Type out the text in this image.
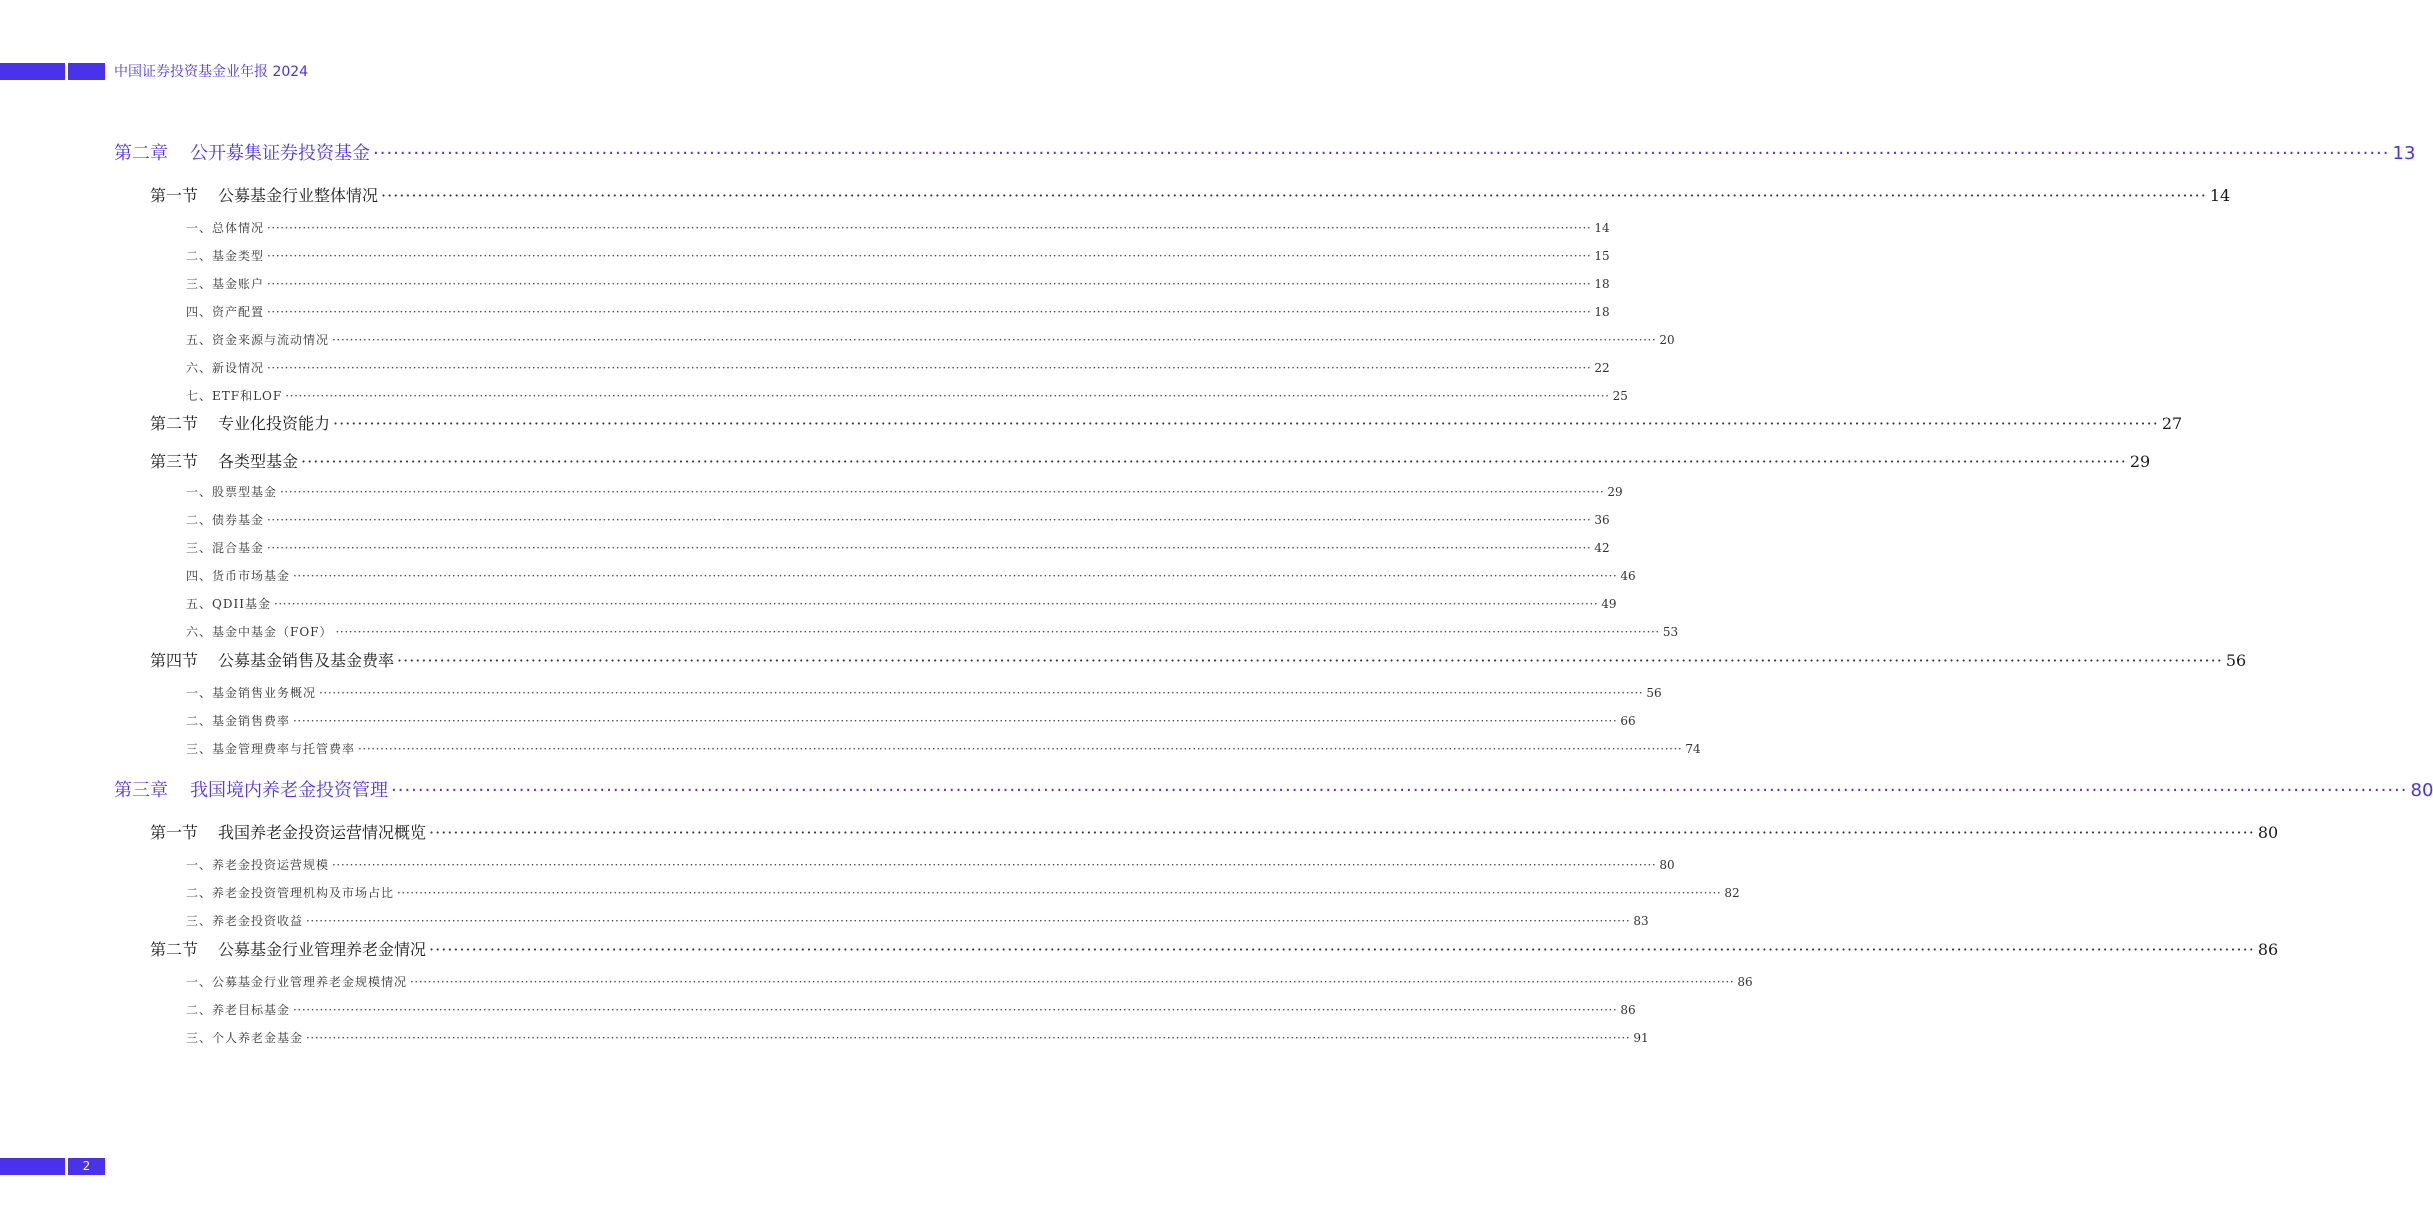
中国证券投资基金业年报 2024
第二章 公开募集证券投资基金 ············································································································································································································································································································ 13
第一节 公募基金行业整体情况 ············································································································································································································································································································ 14
一、总体情况 ············································································································································································································································································································ 14
二、基金类型 ············································································································································································································································································································ 15
三、基金账户 ············································································································································································································································································································ 18
四、资产配置 ············································································································································································································································································································ 18
五、资金来源与流动情况 ············································································································································································································································································································ 20
六、新设情况 ············································································································································································································································································································ 22
七、ETF和LOF ············································································································································································································································································································ 25
第二节 专业化投资能力 ············································································································································································································································································································ 27
第三节 各类型基金 ············································································································································································································································································································ 29
一、股票型基金 ············································································································································································································································································································ 29
二、债券基金 ············································································································································································································································································································ 36
三、混合基金 ············································································································································································································································································································ 42
四、货币市场基金 ············································································································································································································································································································ 46
五、QDII基金 ············································································································································································································································································································ 49
六、基金中基金（FOF） ············································································································································································································································································································ 53
第四节 公募基金销售及基金费率 ············································································································································································································································································································ 56
一、基金销售业务概况 ············································································································································································································································································································ 56
二、基金销售费率 ············································································································································································································································································································ 66
三、基金管理费率与托管费率 ············································································································································································································································································································ 74
第三章 我国境内养老金投资管理 ············································································································································································································································································································ 80
第一节 我国养老金投资运营情况概览 ············································································································································································································································································································ 80
一、养老金投资运营规模 ············································································································································································································································································································ 80
二、养老金投资管理机构及市场占比 ············································································································································································································································································································ 82
三、养老金投资收益 ············································································································································································································································································································ 83
第二节 公募基金行业管理养老金情况 ············································································································································································································································································································ 86
一、公募基金行业管理养老金规模情况 ············································································································································································································································································································ 86
二、养老目标基金 ············································································································································································································································································································ 86
三、个人养老金基金 ············································································································································································································································································································ 91
2
